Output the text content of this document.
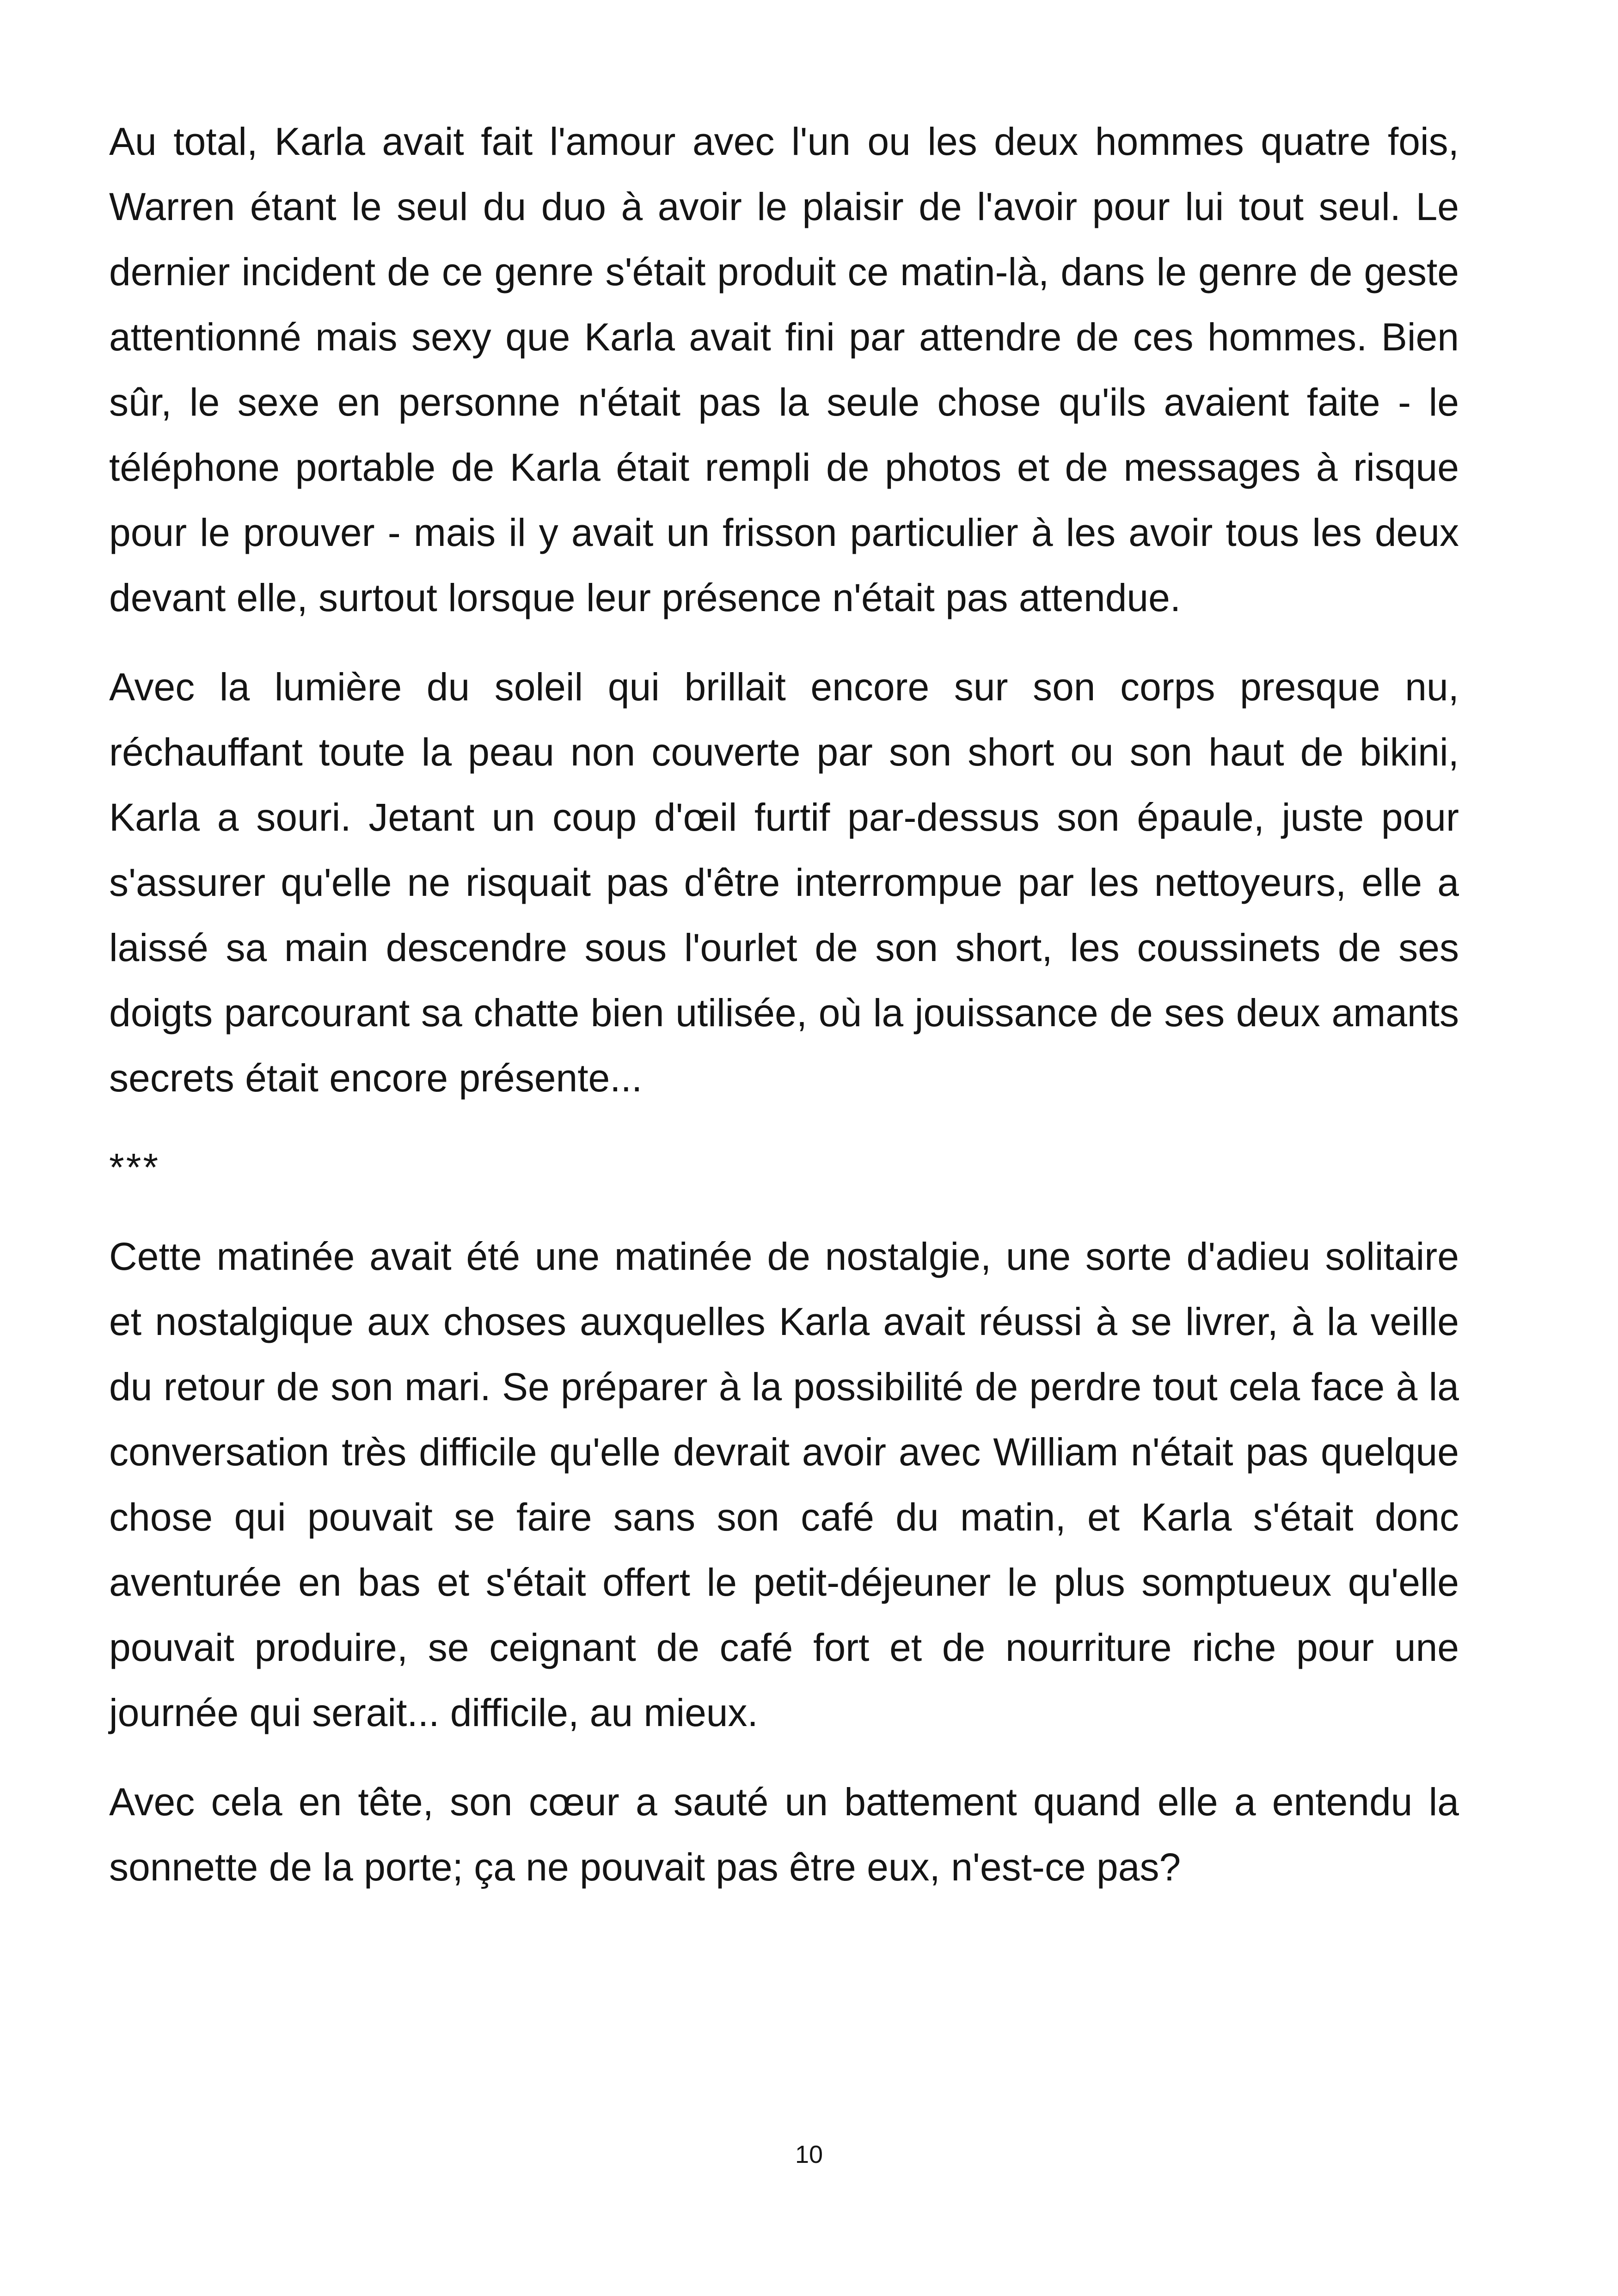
Au total, Karla avait fait l'amour avec l'un ou les deux hommes quatre fois, Warren étant le seul du duo à avoir le plaisir de l'avoir pour lui tout seul. Le dernier incident de ce genre s'était produit ce matin-là, dans le genre de geste attentionné mais sexy que Karla avait fini par attendre de ces hommes. Bien sûr, le sexe en personne n'était pas la seule chose qu'ils avaient faite - le téléphone portable de Karla était rempli de photos et de messages à risque pour le prouver - mais il y avait un frisson particulier à les avoir tous les deux devant elle, surtout lorsque leur présence n'était pas attendue.

Avec la lumière du soleil qui brillait encore sur son corps presque nu, réchauffant toute la peau non couverte par son short ou son haut de bikini, Karla a souri. Jetant un coup d'œil furtif par-dessus son épaule, juste pour s'assurer qu'elle ne risquait pas d'être interrompue par les nettoyeurs, elle a laissé sa main descendre sous l'ourlet de son short, les coussinets de ses doigts parcourant sa chatte bien utilisée, où la jouissance de ses deux amants secrets était encore présente...

***

Cette matinée avait été une matinée de nostalgie, une sorte d'adieu solitaire et nostalgique aux choses auxquelles Karla avait réussi à se livrer, à la veille du retour de son mari. Se préparer à la possibilité de perdre tout cela face à la conversation très difficile qu'elle devrait avoir avec William n'était pas quelque chose qui pouvait se faire sans son café du matin, et Karla s'était donc aventurée en bas et s'était offert le petit-déjeuner le plus somptueux qu'elle pouvait produire, se ceignant de café fort et de nourriture riche pour une journée qui serait... difficile, au mieux.

Avec cela en tête, son cœur a sauté un battement quand elle a entendu la sonnette de la porte; ça ne pouvait pas être eux, n'est-ce pas?

10
